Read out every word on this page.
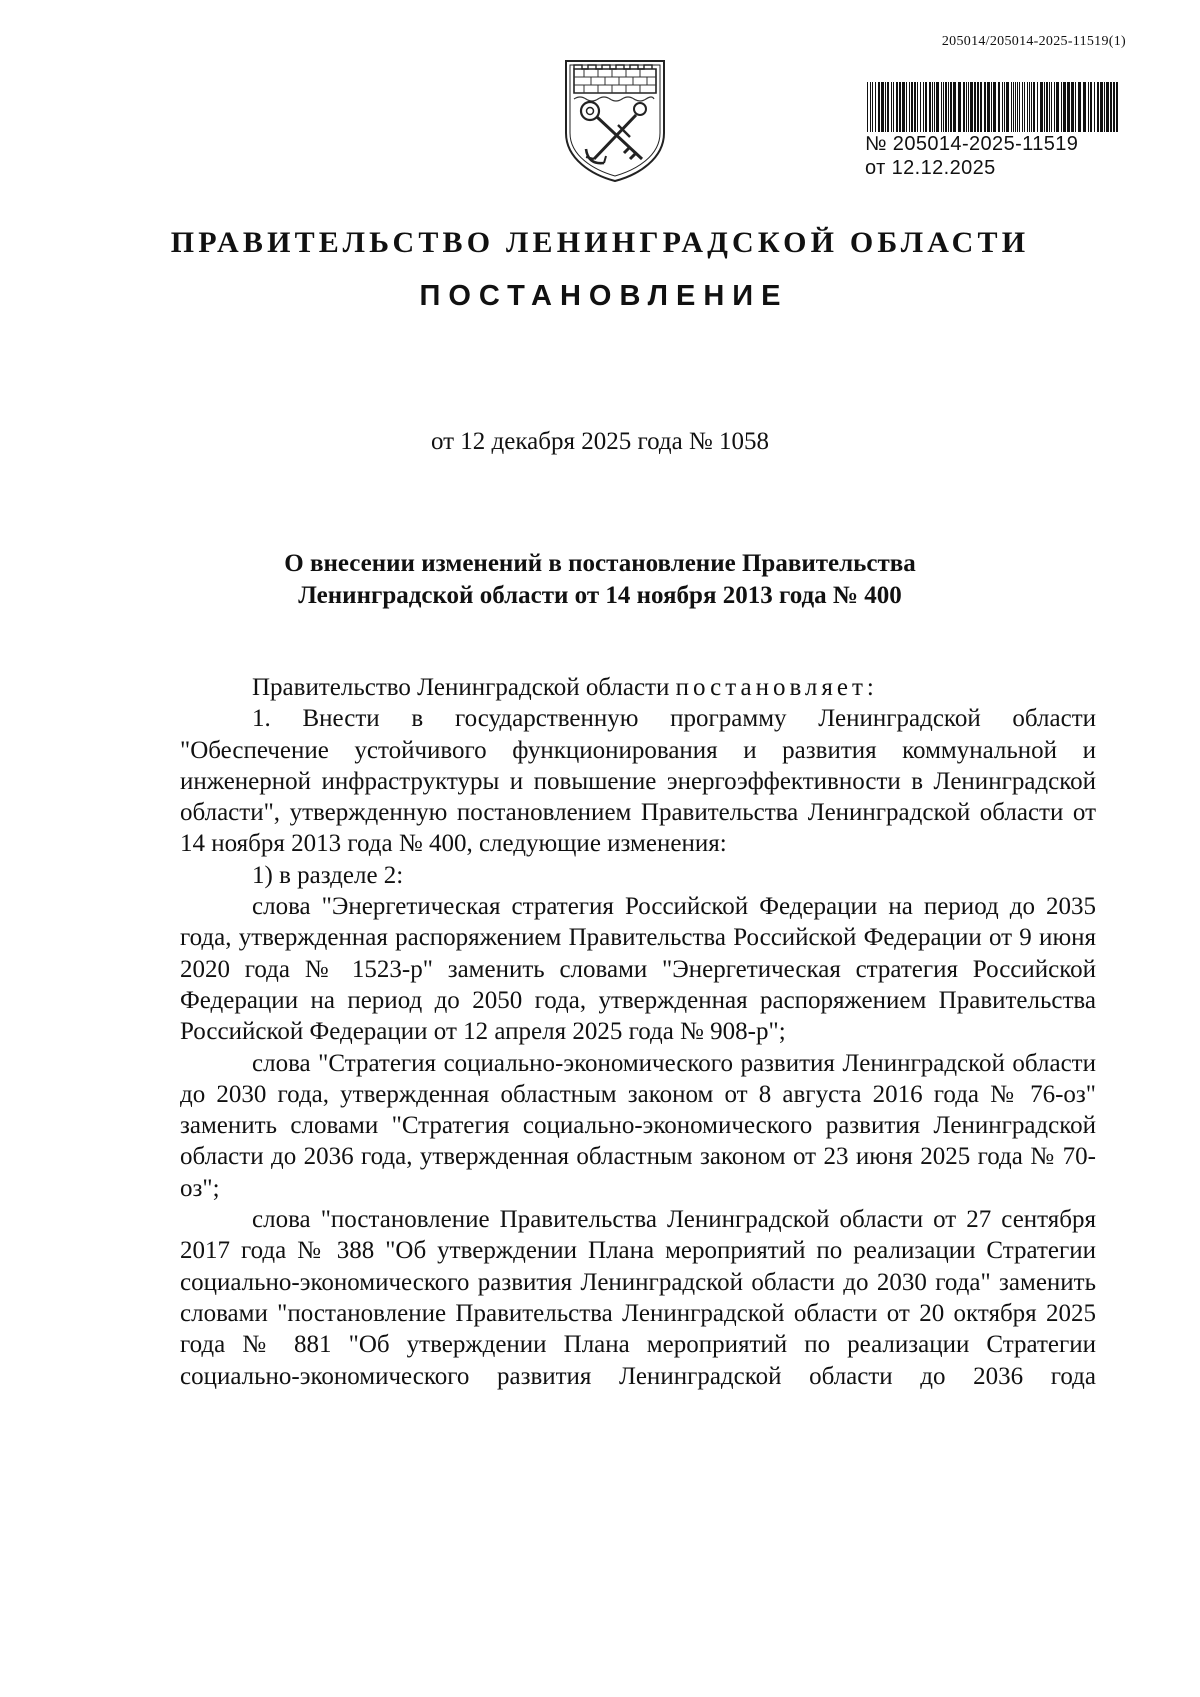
205014/205014-2025-11519(1)
№ 205014-2025-11519
от 12.12.2025
ПРАВИТЕЛЬСТВО ЛЕНИНГРАДСКОЙ ОБЛАСТИ
ПОСТАНОВЛЕНИЕ
от 12 декабря 2025 года № 1058
О внесении изменений в постановление Правительства
Ленинградской области от 14 ноября 2013 года № 400

Правительство Ленинградской области постановляет:

1. Внести в государственную программу Ленинградской области "Обеспечение устойчивого функционирования и развития коммунальной и инженерной инфраструктуры и повышение энергоэффективности в Ленинградской области", утвержденную постановлением Правительства Ленинградской области от 14 ноября 2013 года № 400, следующие изменения:

1) в разделе 2:

слова "Энергетическая стратегия Российской Федерации на период до 2035 года, утвержденная распоряжением Правительства Российской Федерации от 9 июня 2020 года № 1523-р" заменить словами "Энергетическая стратегия Российской Федерации на период до 2050 года, утвержденная распоряжением Правительства Российской Федерации от 12 апреля 2025 года № 908-р";

слова "Стратегия социально-экономического развития Ленинградской области до 2030 года, утвержденная областным законом от 8 августа 2016 года № 76-оз" заменить словами "Стратегия социально-экономического развития Ленинградской области до 2036 года, утвержденная областным законом от 23 июня 2025 года № 70-оз";

слова "постановление Правительства Ленинградской области от 27 сентября 2017 года № 388 "Об утверждении Плана мероприятий по реализации Стратегии социально-экономического развития Ленинградской области до 2030 года" заменить словами "постановление Правительства Ленинградской области от 20 октября 2025 года № 881 "Об утверждении Плана мероприятий по реализации Стратегии социально-экономического развития Ленинградской области до 2036 года
